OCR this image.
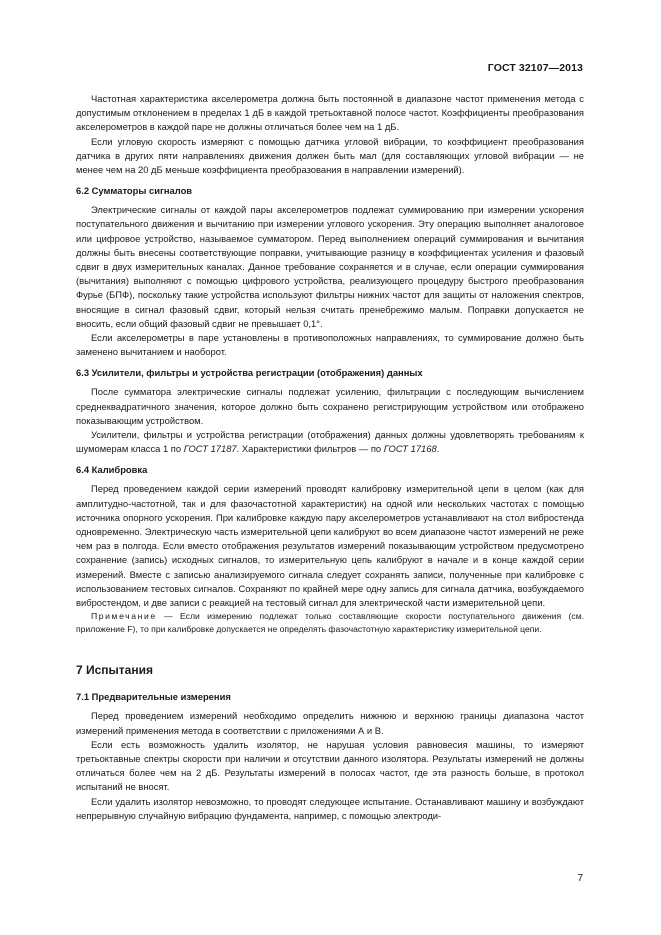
ГОСТ 32107—2013

Частотная характеристика акселерометра должна быть постоянной в диапазоне частот применения метода с допустимым отклонением в пределах 1 дБ в каждой третьоктавной полосе частот. Коэффициенты преобразования акселерометров в каждой паре не должны отличаться более чем на 1 дБ.

Если угловую скорость измеряют с помощью датчика угловой вибрации, то коэффициент преобразования датчика в других пяти направлениях движения должен быть мал (для составляющих угловой вибрации — не менее чем на 20 дБ меньше коэффициента преобразования в направлении измерений).

6.2 Сумматоры сигналов

Электрические сигналы от каждой пары акселерометров подлежат суммированию при измерении ускорения поступательного движения и вычитанию при измерении углового ускорения. Эту операцию выполняет аналоговое или цифровое устройство, называемое сумматором. Перед выполнением операций суммирования и вычитания должны быть внесены соответствующие поправки, учитывающие разницу в коэффициентах усиления и фазовый сдвиг в двух измерительных каналах. Данное требование сохраняется и в случае, если операции суммирования (вычитания) выполняют с помощью цифрового устройства, реализующего процедуру быстрого преобразования Фурье (БПФ), поскольку такие устройства используют фильтры нижних частот для защиты от наложения спектров, вносящие в сигнал фазовый сдвиг, который нельзя считать пренебрежимо малым. Поправки допускается не вносить, если общий фазовый сдвиг не превышает 0,1°.

Если акселерометры в паре установлены в противоположных направлениях, то суммирование должно быть заменено вычитанием и наоборот.

6.3 Усилители, фильтры и устройства регистрации (отображения) данных

После сумматора электрические сигналы подлежат усилению, фильтрации с последующим вычислением среднеквадратичного значения, которое должно быть сохранено регистрирующим устройством или отображено показывающим устройством.

Усилители, фильтры и устройства регистрации (отображения) данных должны удовлетворять требованиям к шумомерам класса 1 по ГОСТ 17187. Характеристики фильтров — по ГОСТ 17168.

6.4 Калибровка

Перед проведением каждой серии измерений проводят калибровку измерительной цепи в целом (как для амплитудно-частотной, так и для фазочастотной характеристик) на одной или нескольких частотах с помощью источника опорного ускорения. При калибровке каждую пару акселерометров устанавливают на стол вибростенда одновременно. Электрическую часть измерительной цепи калибруют во всем диапазоне частот измерений не реже чем раз в полгода. Если вместо отображения результатов измерений показывающим устройством предусмотрено сохранение (запись) исходных сигналов, то измерительную цепь калибруют в начале и в конце каждой серии измерений. Вместе с записью анализируемого сигнала следует сохранять записи, полученные при калибровке с использованием тестовых сигналов. Сохраняют по крайней мере одну запись для сигнала датчика, возбуждаемого вибростендом, и две записи с реакцией на тестовый сигнал для электрической части измерительной цепи.

Примечание — Если измерению подлежат только составляющие скорости поступательного движения (см. приложение F), то при калибровке допускается не определять фазочастотную характеристику измерительной цепи.

7 Испытания
7.1 Предварительные измерения

Перед проведением измерений необходимо определить нижнюю и верхнюю границы диапазона частот измерений применения метода в соответствии с приложениями А и В.

Если есть возможность удалить изолятор, не нарушая условия равновесия машины, то измеряют третьоктавные спектры скорости при наличии и отсутствии данного изолятора. Результаты измерений не должны отличаться более чем на 2 дБ. Результаты измерений в полосах частот, где эта разность больше, в протокол испытаний не вносят.

Если удалить изолятор невозможно, то проводят следующее испытание. Останавливают машину и возбуждают непрерывную случайную вибрацию фундамента, например, с помощью электроди-

7
